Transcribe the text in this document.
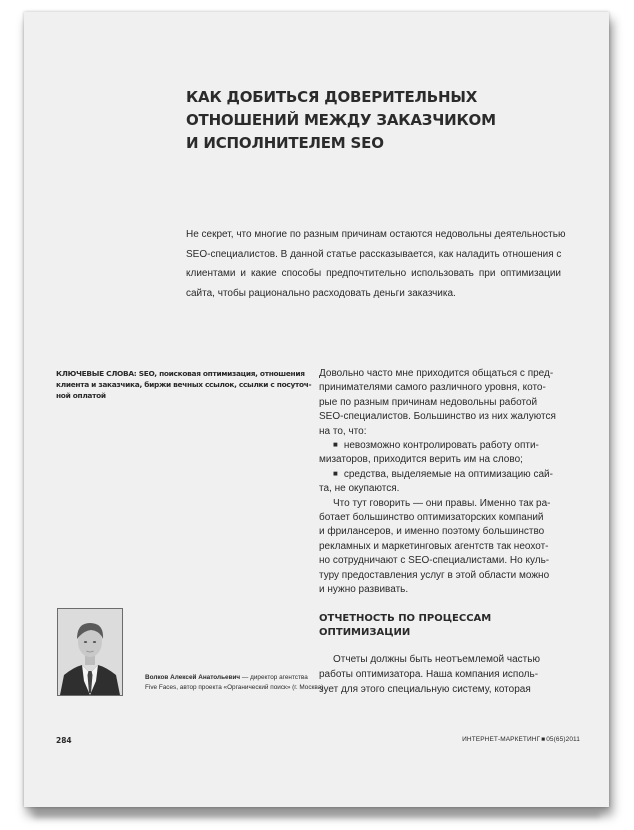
КАК ДОБИТЬСЯ ДОВЕРИТЕЛЬНЫХ
ОТНОШЕНИЙ МЕЖДУ ЗАКАЗЧИКОМ
И ИСПОЛНИТЕЛЕМ SEO

Не секрет, что многие по разным причинам остаются недовольны деятельностью
SEO-специалистов. В данной статье рассказывается, как наладить отношения с
клиентами и какие способы предпочтительно использовать при оптимизации
сайта, чтобы рационально расходовать деньги заказчика.

КЛЮЧЕВЫЕ СЛОВА: SEO, поисковая оптимизация, отношения
клиента и заказчика, биржи вечных ссылок, ссылки с посуточ-
ной оплатой

Довольно часто мне приходится общаться с пред-
принимателями самого различного уровня, кото-
рые по разным причинам недовольны работой
SEO-специалистов. Большинство из них жалуются
на то, что:
■ невозможно контролировать работу опти-
мизаторов, приходится верить им на слово;
■ средства, выделяемые на оптимизацию сай-
та, не окупаются.
Что тут говорить — они правы. Именно так ра-
ботает большинство оптимизаторских компаний
и фрилансеров, и именно поэтому большинство
рекламных и маркетинговых агентств так неохот-
но сотрудничают с SEO-специалистами. Но куль-
туру предоставления услуг в этой области можно
и нужно развивать.
ОТЧЕТНОСТЬ ПО ПРОЦЕССАМ
ОПТИМИЗАЦИИ
Отчеты должны быть неотъемлемой частью
работы оптимизатора. Наша компания исполь-
зует для этого специальную систему, которая

Волков Алексей Анатольевич — директор агентства
Five Faces, автор проекта «Органический поиск» (г. Москва)

284	ИНТЕРНЕТ-МАРКЕТИНГ■05(65)2011
